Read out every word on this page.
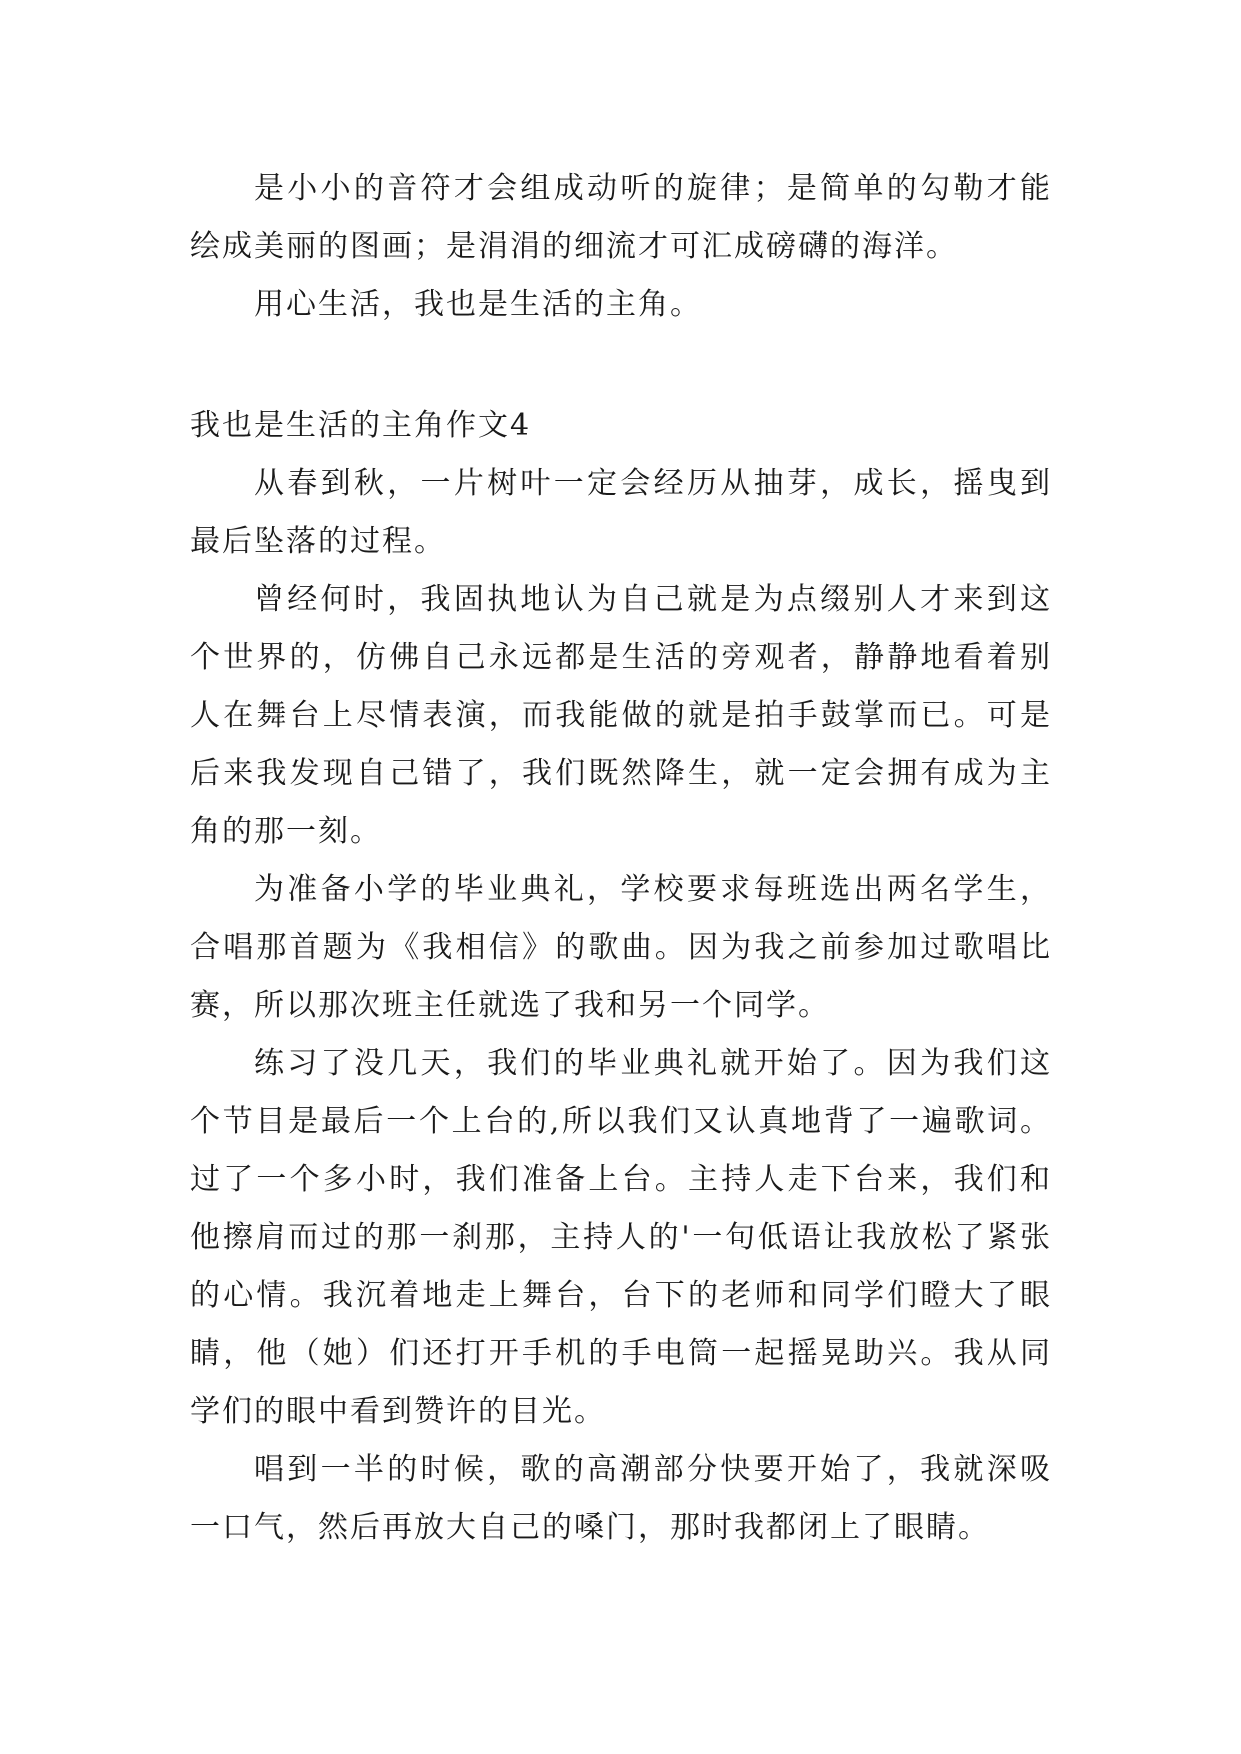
是小小的音符才会组成动听的旋律；是简单的勾勒才能绘成美丽的图画；是涓涓的细流才可汇成磅礴的海洋。

用心生活，我也是生活的主角。

我也是生活的主角作文4

从春到秋，一片树叶一定会经历从抽芽，成长，摇曳到最后坠落的过程。

曾经何时，我固执地认为自己就是为点缀别人才来到这个世界的，仿佛自己永远都是生活的旁观者，静静地看着别人在舞台上尽情表演，而我能做的就是拍手鼓掌而已。可是后来我发现自己错了，我们既然降生，就一定会拥有成为主角的那一刻。

为准备小学的毕业典礼，学校要求每班选出两名学生，合唱那首题为《我相信》的歌曲。因为我之前参加过歌唱比赛，所以那次班主任就选了我和另一个同学。

练习了没几天，我们的毕业典礼就开始了。因为我们这个节目是最后一个上台的,所以我们又认真地背了一遍歌词。过了一个多小时，我们准备上台。主持人走下台来，我们和他擦肩而过的那一刹那，主持人的'一句低语让我放松了紧张的心情。我沉着地走上舞台，台下的老师和同学们瞪大了眼睛，他（她）们还打开手机的手电筒一起摇晃助兴。我从同学们的眼中看到赞许的目光。

唱到一半的时候，歌的高潮部分快要开始了，我就深吸一口气，然后再放大自己的嗓门，那时我都闭上了眼睛。
